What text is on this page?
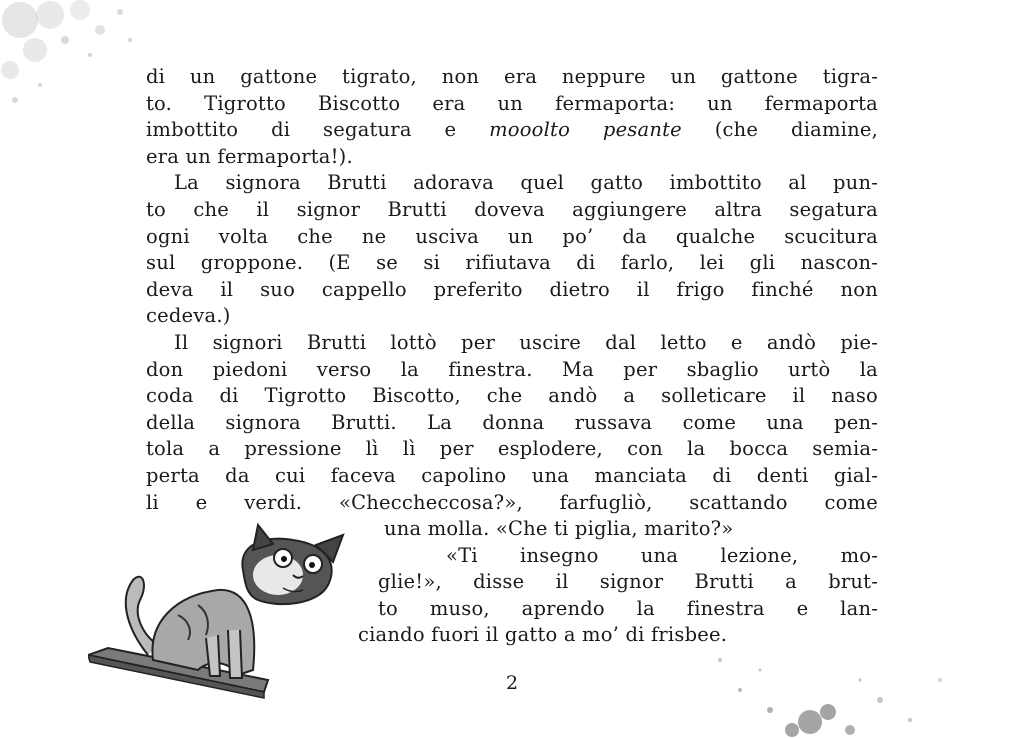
di un gattone tigrato, non era neppure un gattone tigra-
to. Tigrotto Biscotto era un fermaporta: un fermaporta
imbottito di segatura e mooolto pesante (che diamine,
era un fermaporta!).
La signora Brutti adorava quel gatto imbottito al pun-
to che il signor Brutti doveva aggiungere altra segatura
ogni volta che ne usciva un po’ da qualche scucitura
sul groppone. (E se si rifiutava di farlo, lei gli nascon-
deva il suo cappello preferito dietro il frigo finché non
cedeva.)
Il signori Brutti lottò per uscire dal letto e andò pie-
don piedoni verso la finestra. Ma per sbaglio urtò la
coda di Tigrotto Biscotto, che andò a solleticare il naso
della signora Brutti. La donna russava come una pen-
tola a pressione lì lì per esplodere, con la bocca semia-
perta da cui faceva capolino una manciata di denti gial-
li e verdi. «Checcheccosa?», farfugliò, scattando come
una molla. «Che ti piglia, marito?»
«Ti insegno una lezione, mo-
glie!», disse il signor Brutti a brut-
to muso, aprendo la finestra e lan-
ciando fuori il gatto a mo’ di frisbee.
2
